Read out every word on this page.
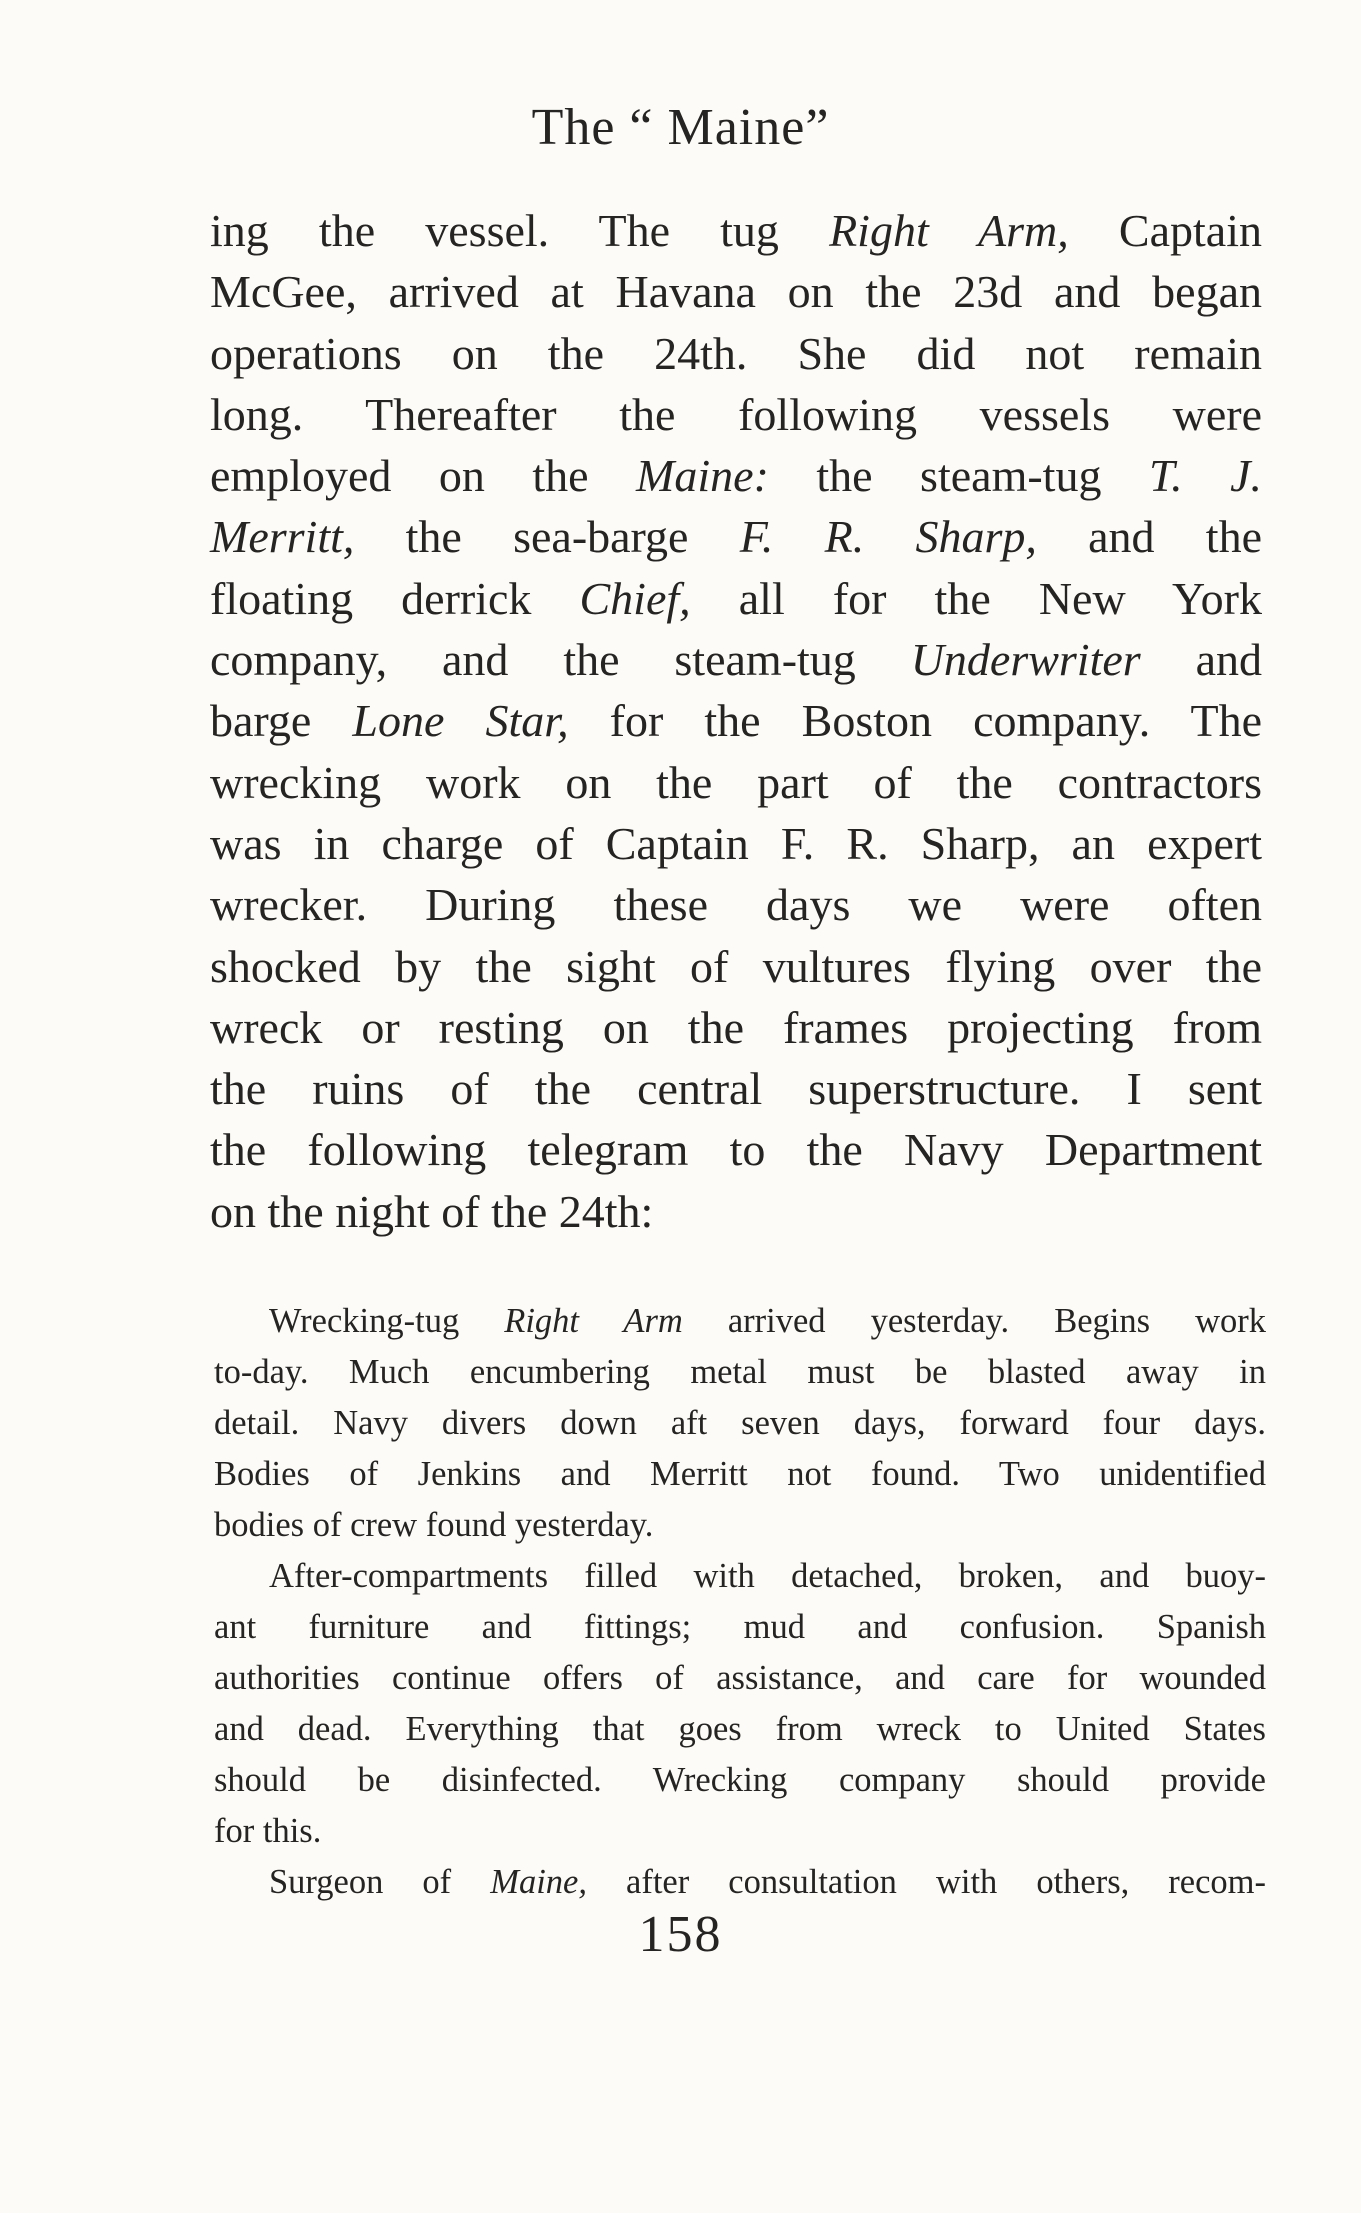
The “ Maine”
ing the vessel. The tug Right Arm, Captain
McGee, arrived at Havana on the 23d and began
operations on the 24th. She did not remain
long. Thereafter the following vessels were
employed on the Maine: the steam-tug T. J.
Merritt, the sea-barge F. R. Sharp, and the
floating derrick Chief, all for the New York
company, and the steam-tug Underwriter and
barge Lone Star, for the Boston company. The
wrecking work on the part of the contractors
was in charge of Captain F. R. Sharp, an expert
wrecker. During these days we were often
shocked by the sight of vultures flying over the
wreck or resting on the frames projecting from
the ruins of the central superstructure. I sent
the following telegram to the Navy Department
on the night of the 24th:
Wrecking-tug Right Arm arrived yesterday. Begins work
to-day. Much encumbering metal must be blasted away in
detail. Navy divers down aft seven days, forward four days.
Bodies of Jenkins and Merritt not found. Two unidentified
bodies of crew found yesterday.
After-compartments filled with detached, broken, and buoy-
ant furniture and fittings; mud and confusion. Spanish
authorities continue offers of assistance, and care for wounded
and dead. Everything that goes from wreck to United States
should be disinfected. Wrecking company should provide
for this.
Surgeon of Maine, after consultation with others, recom-
158
